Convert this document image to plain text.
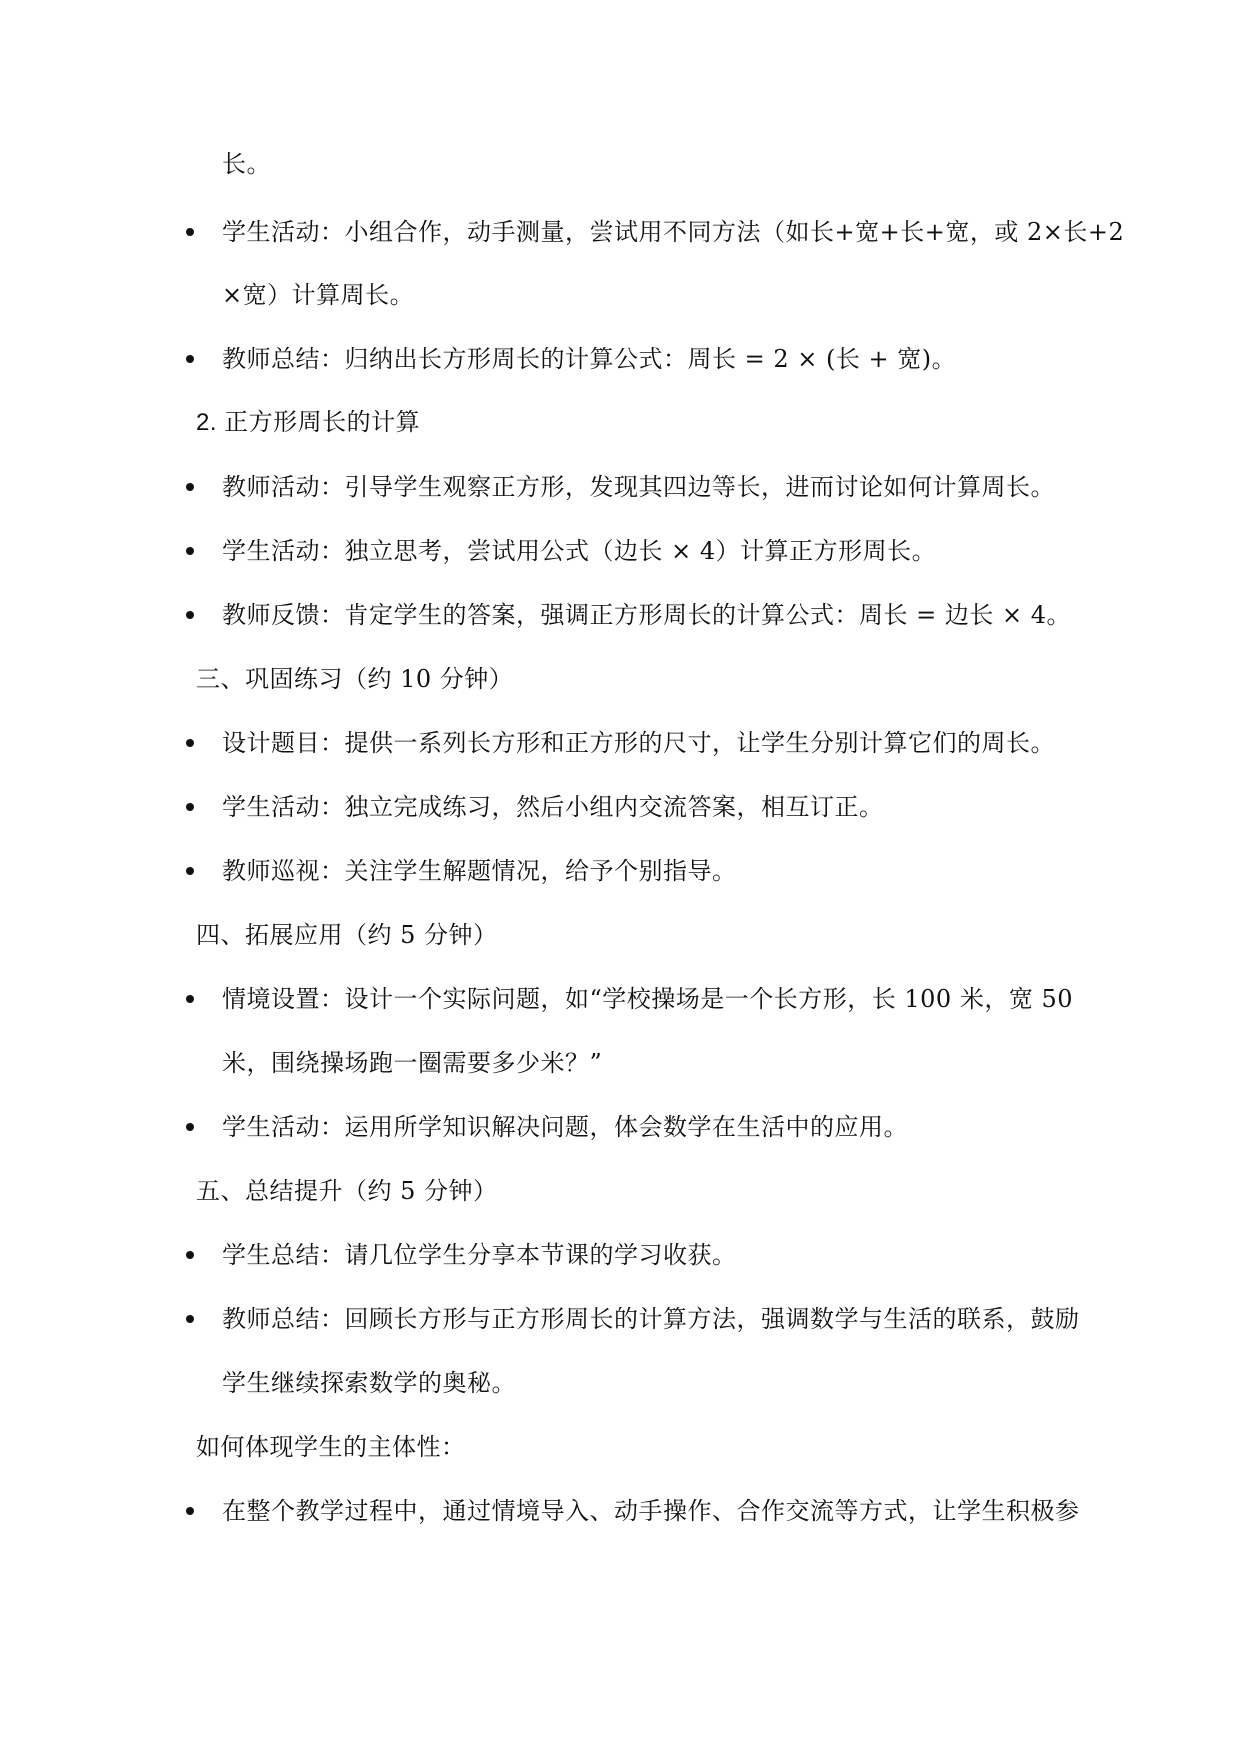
长。
学生活动：小组合作，动手测量，尝试用不同方法（如长+宽+长+宽，或 2×长+2
×宽）计算周长。
教师总结：归纳出长方形周长的计算公式：周长 = 2 × (长 + 宽)。
2. 正方形周长的计算
教师活动：引导学生观察正方形，发现其四边等长，进而讨论如何计算周长。
学生活动：独立思考，尝试用公式（边长 × 4）计算正方形周长。
教师反馈：肯定学生的答案，强调正方形周长的计算公式：周长 = 边长 × 4。
三、巩固练习（约 10 分钟）
设计题目：提供一系列长方形和正方形的尺寸，让学生分别计算它们的周长。
学生活动：独立完成练习，然后小组内交流答案，相互订正。
教师巡视：关注学生解题情况，给予个别指导。
四、拓展应用（约 5 分钟）
情境设置：设计一个实际问题，如“学校操场是一个长方形，长 100 米，宽 50
米，围绕操场跑一圈需要多少米？”
学生活动：运用所学知识解决问题，体会数学在生活中的应用。
五、总结提升（约 5 分钟）
学生总结：请几位学生分享本节课的学习收获。
教师总结：回顾长方形与正方形周长的计算方法，强调数学与生活的联系，鼓励
学生继续探索数学的奥秘。
如何体现学生的主体性：
在整个教学过程中，通过情境导入、动手操作、合作交流等方式，让学生积极参
